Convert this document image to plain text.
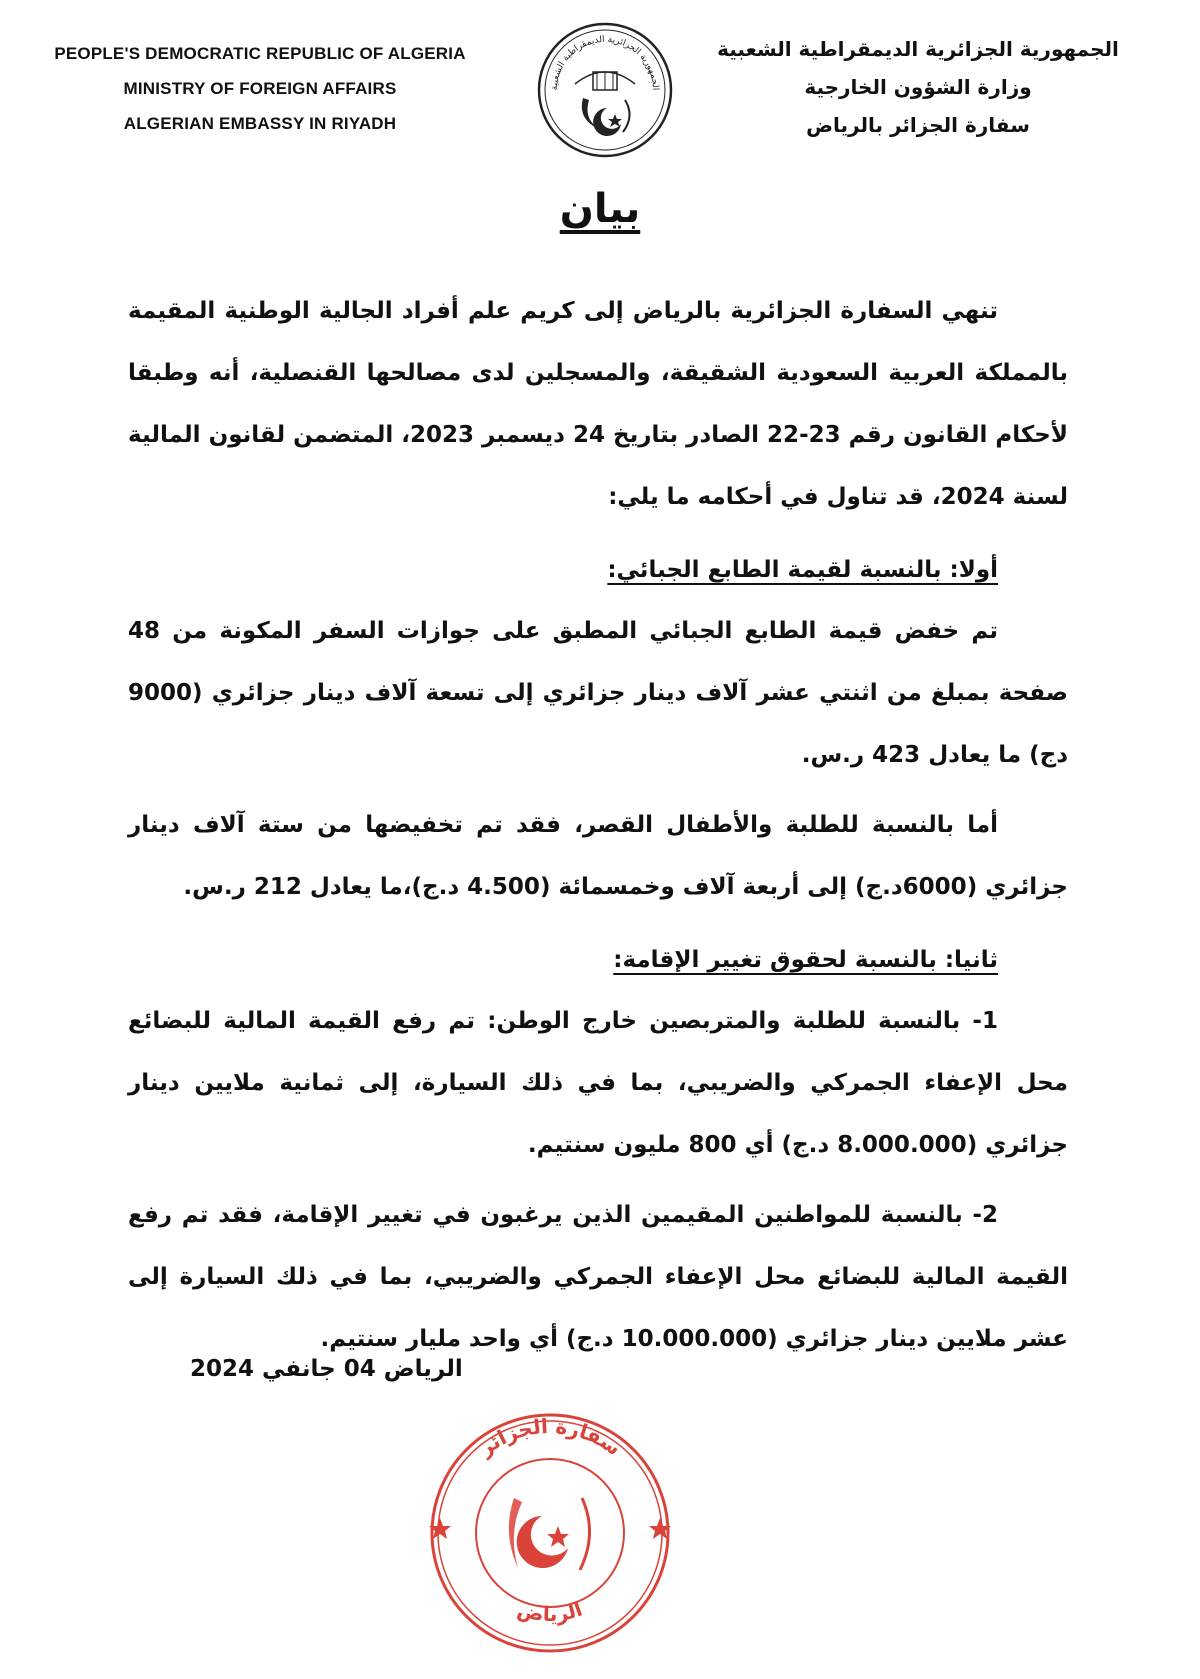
PEOPLE'S DEMOCRATIC REPUBLIC OF ALGERIA
MINISTRY OF FOREIGN AFFAIRS
ALGERIAN EMBASSY IN RIYADH
الجمهورية الجزائرية الديمقراطية الشعبية
الجمهورية الجزائرية الديمقراطية الشعبية
وزارة الشؤون الخارجية
سفارة الجزائر بالرياض
بيان

تنهي السفارة الجزائرية بالرياض إلى كريم علم أفراد الجالية الوطنية المقيمة بالمملكة العربية السعودية الشقيقة، والمسجلين لدى مصالحها القنصلية، أنه وطبقا لأحكام القانون رقم 23-22 الصادر بتاريخ 24 ديسمبر 2023، المتضمن لقانون المالية لسنة 2024، قد تناول في أحكامه ما يلي:

أولا: بالنسبة لقيمة الطابع الجبائي:

تم خفض قيمة الطابع الجبائي المطبق على جوازات السفر المكونة من 48 صفحة بمبلغ من اثنتي عشر آلاف دينار جزائري إلى تسعة آلاف دينار جزائري (9000 دج) ما يعادل 423 ر.س.

أما بالنسبة للطلبة والأطفال القصر، فقد تم تخفيضها من ستة آلاف دينار جزائري (6000د.ج) إلى أربعة آلاف وخمسمائة (4.500 د.ج)،ما يعادل 212 ر.س.

ثانيا: بالنسبة لحقوق تغيير الإقامة:

1- بالنسبة للطلبة والمتربصين خارج الوطن: تم رفع القيمة المالية للبضائع محل الإعفاء الجمركي والضريبي، بما في ذلك السيارة، إلى ثمانية ملايين دينار جزائري (8.000.000 د.ج) أي 800 مليون سنتيم.

2- بالنسبة للمواطنين المقيمين الذين يرغبون في تغيير الإقامة، فقد تم رفع القيمة المالية للبضائع محل الإعفاء الجمركي والضريبي، بما في ذلك السيارة إلى عشر ملايين دينار جزائري (10.000.000 د.ج) أي واحد مليار سنتيم.

الرياض 04 جانفي 2024
سفارة الجزائر
الرياض
